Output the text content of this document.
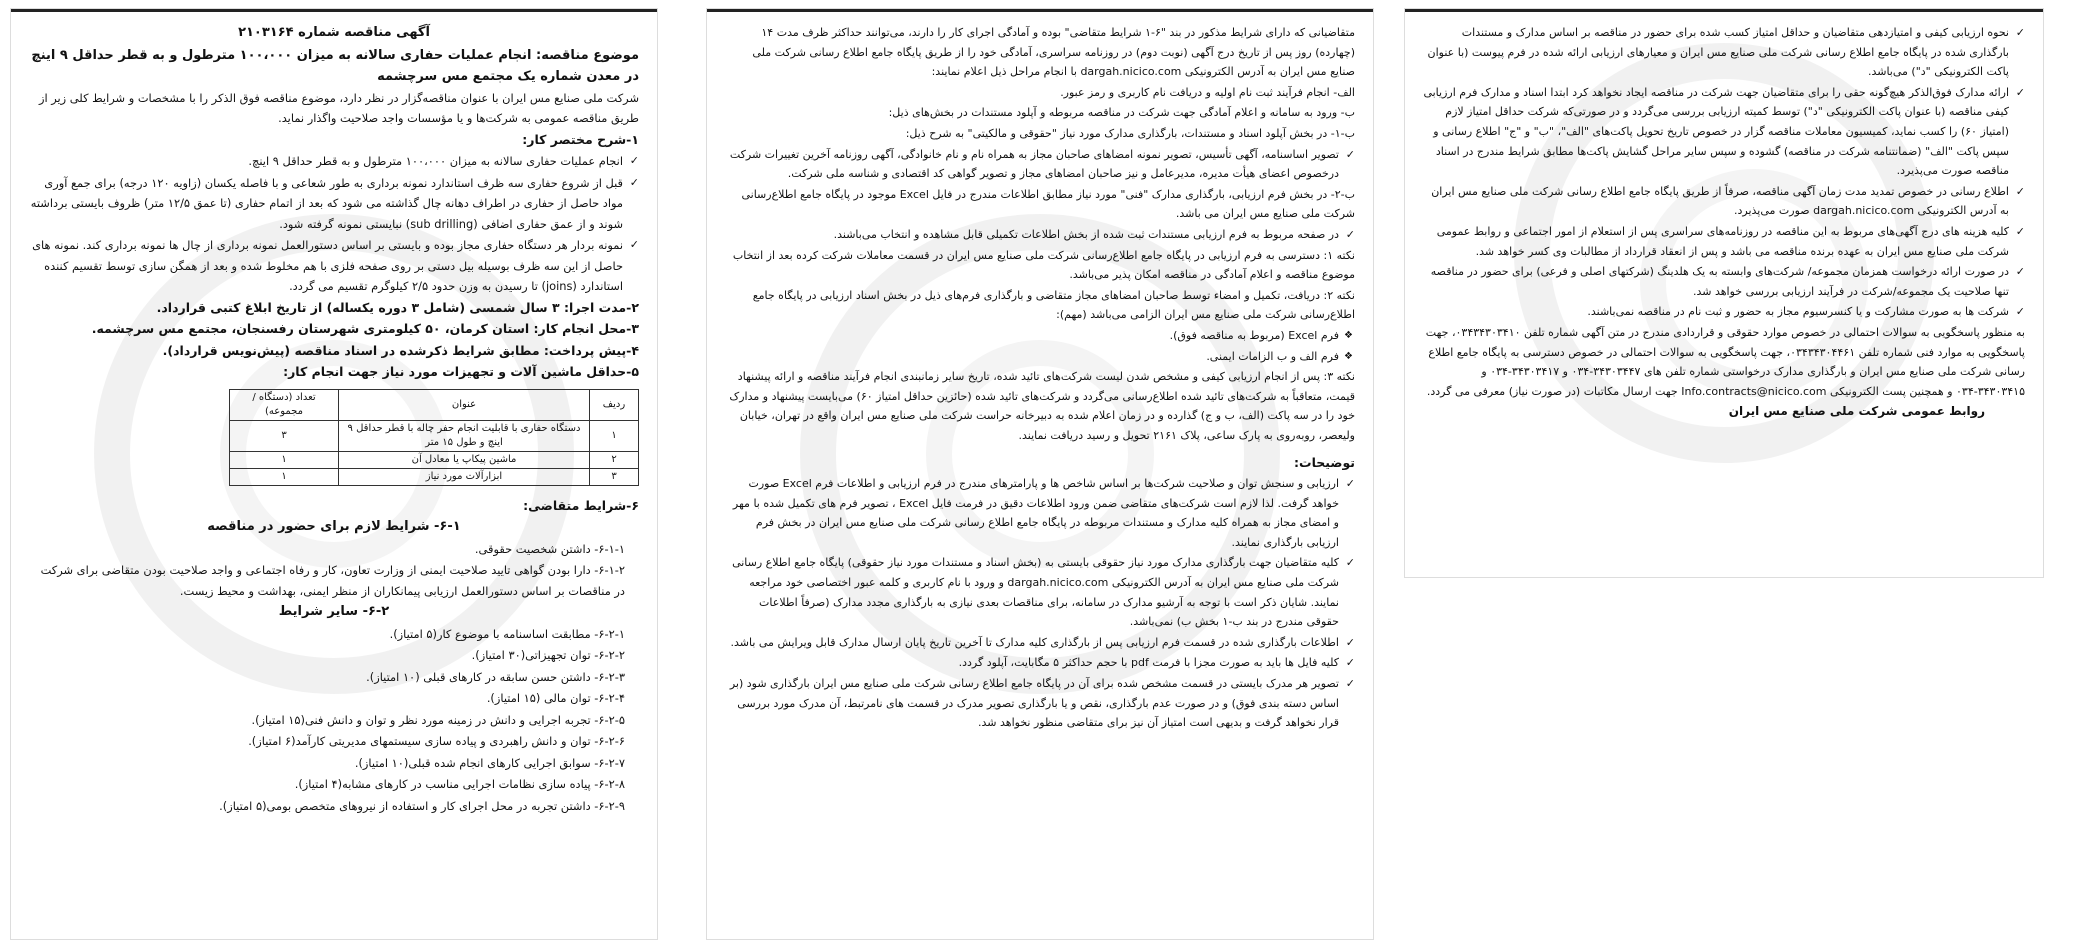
آگهی مناقصه شماره ۲۱۰۳۱۶۴

موضوع مناقصه: انجام عملیات حفاری سالانه به میزان ۱۰۰،۰۰۰ مترطول و به قطر حداقل ۹ اینچ در معدن شماره یک مجتمع مس سرچشمه

شرکت ملی صنایع مس ایران با عنوان مناقصه‌گزار در نظر دارد، موضوع مناقصه فوق الذکر را با مشخصات و شرایط کلی زیر از طریق مناقصه عمومی به شرکت‌ها و یا مؤسسات واجد صلاحیت واگذار نماید.

۱-شرح مختصر کار:

✓ انجام عملیات حفاری سالانه به میزان ۱۰۰،۰۰۰ مترطول و به قطر حداقل ۹ اینچ.

✓ قبل از شروع حفاری سه ظرف استاندارد نمونه برداری به طور شعاعی و با فاصله یکسان (زاویه ۱۲۰ درجه) برای جمع آوری مواد حاصل از حفاری در اطراف دهانه چال گذاشته می شود که بعد از اتمام حفاری (تا عمق ۱۲/۵ متر) ظروف بایستی برداشته شوند و از عمق حفاری اضافی (sub drilling) نبایستی نمونه گرفته شود.

✓ نمونه بردار هر دستگاه حفاری مجاز بوده و بایستی بر اساس دستورالعمل نمونه برداری از چال ها نمونه برداری کند. نمونه های حاصل از این سه ظرف بوسیله بیل دستی بر روی صفحه فلزی با هم مخلوط شده و بعد از همگن سازی توسط تقسیم کننده استاندارد (joins) تا رسیدن به وزن حدود ۲/۵ کیلوگرم تقسیم می گردد.

۲-مدت اجرا: ۳ سال شمسی (شامل ۳ دوره یکساله) از تاریخ ابلاغ کتبی قرارداد.

۳-محل انجام کار: استان کرمان، ۵۰ کیلومتری شهرستان رفسنجان، مجتمع مس سرچشمه.

۴-پیش پرداخت: مطابق شرایط ذکرشده در اسناد مناقصه (پیش‌نویس قرارداد).

۵-حداقل ماشین آلات و تجهیزات مورد نیاز جهت انجام کار:

ردیف	عنوان	تعداد (دستگاه / مجموعه)
۱	دستگاه حفاری با قابلیت انجام حفر چاله با قطر حداقل ۹ اینچ و طول ۱۵ متر	۳
۲	ماشین پیکاپ یا معادل آن	۱
۳	ابزارآلات مورد نیاز	۱

۶-شرایط متقاضی:

۶-۱- شرایط لازم برای حضور در مناقصه

۶-۱-۱- داشتن شخصیت حقوقی.

۶-۱-۲- دارا بودن گواهی تایید صلاحیت ایمنی از وزارت تعاون، کار و رفاه اجتماعی و واجد صلاحیت بودن متقاضی برای شرکت در مناقصات بر اساس دستورالعمل ارزیابی پیمانکاران از منظر ایمنی، بهداشت و محیط زیست.

۶-۲- سایر شرایط

۶-۲-۱- مطابقت اساسنامه با موضوع کار(۵ امتیاز).

۶-۲-۲- توان تجهیزاتی(۳۰ امتیاز).

۶-۲-۳- داشتن حسن سابقه در کارهای قبلی (۱۰ امتیاز).

۶-۲-۴- توان مالی (۱۵ امتیاز).

۶-۲-۵- تجربه اجرایی و دانش در زمینه مورد نظر و توان و دانش فنی(۱۵ امتیاز).

۶-۲-۶- توان و دانش راهبردی و پیاده سازی سیستمهای مدیریتی کارآمد(۶ امتیاز).

۶-۲-۷- سوابق اجرایی کارهای انجام شده قبلی(۱۰ امتیاز).

۶-۲-۸- پیاده سازی نظامات اجرایی مناسب در کارهای مشابه(۴ امتیاز).

۶-۲-۹- داشتن تجربه در محل اجرای کار و استفاده از نیروهای متخصص بومی(۵ امتیاز).

متقاضیانی که دارای شرایط مذکور در بند "۶-۱ شرایط متقاضی" بوده و آمادگی اجرای کار را دارند، می‌توانند حداکثر ظرف مدت ۱۴ (چهارده) روز پس از تاریخ درج آگهی (نوبت دوم) در روزنامه سراسری، آمادگی خود را از طریق پایگاه جامع اطلاع رسانی شرکت ملی صنایع مس ایران به آدرس الکترونیکی dargah.nicico.com با انجام مراحل ذیل اعلام نمایند:

الف- انجام فرآیند ثبت نام اولیه و دریافت نام کاربری و رمز عبور.

ب- ورود به سامانه و اعلام آمادگی جهت شرکت در مناقصه مربوطه و آپلود مستندات در بخش‌های ذیل:

ب-۱- در بخش آپلود اسناد و مستندات، بارگذاری مدارک مورد نیاز "حقوقی و مالکیتی" به شرح ذیل:

✓ تصویر اساسنامه، آگهی تأسیس، تصویر نمونه امضاهای صاحبان مجاز به همراه نام و نام خانوادگی، آگهی روزنامه آخرین تغییرات شرکت درخصوص اعضای هیأت مدیره، مدیرعامل و نیز صاحبان امضاهای مجاز و تصویر گواهی کد اقتصادی و شناسه ملی شرکت.

ب-۲- در بخش فرم ارزیابی، بارگذاری مدارک "فنی" مورد نیاز مطابق اطلاعات مندرج در فایل Excel موجود در پایگاه جامع اطلاع‌رسانی شرکت ملی صنایع مس ایران می باشد.

✓ در صفحه مربوط به فرم ارزیابی مستندات ثبت شده از بخش اطلاعات تکمیلی قابل مشاهده و انتخاب می‌باشند.

نکته ۱: دسترسی به فرم ارزیابی در پایگاه جامع اطلاع‌رسانی شرکت ملی صنایع مس ایران در قسمت معاملات شرکت کرده بعد از انتخاب موضوع مناقصه و اعلام آمادگی در مناقصه امکان پذیر می‌باشد.

نکته ۲: دریافت، تکمیل و امضاء توسط صاحبان امضاهای مجاز متقاضی و بارگذاری فرم‌های ذیل در بخش اسناد ارزیابی در پایگاه جامع اطلاع‌رسانی شرکت ملی صنایع مس ایران الزامی می‌باشد (مهم):

❖ فرم Excel (مربوط به مناقصه فوق).

❖ فرم الف و ب الزامات ایمنی.

نکته ۳: پس از انجام ارزیابی کیفی و مشخص شدن لیست شرکت‌های تائید شده، تاریخ سایر زمانبندی انجام فرآیند مناقصه و ارائه پیشنهاد قیمت، متعاقباً به شرکت‌های تائید شده اطلاع‌رسانی می‌گردد و شرکت‌های تائید شده (حائزین حداقل امتیاز ۶۰) می‌بایست پیشنهاد و مدارک خود را در سه پاکت (الف، ب و ج) گذارده و در زمان اعلام شده به دبیرخانه حراست شرکت ملی صنایع مس ایران واقع در تهران، خیابان ولیعصر، روبه‌روی به پارک ساعی، پلاک ۲۱۶۱ تحویل و رسید دریافت نمایند.

توضیحات:

✓ ارزیابی و سنجش توان و صلاحیت شرکت‌ها بر اساس شاخص ها و پارامترهای مندرج در فرم ارزیابی و اطلاعات فرم Excel صورت خواهد گرفت. لذا لازم است شرکت‌های متقاضی ضمن ورود اطلاعات دقیق در فرمت فایل Excel ، تصویر فرم های تکمیل شده با مهر و امضای مجاز به همراه کلیه مدارک و مستندات مربوطه در پایگاه جامع اطلاع رسانی شرکت ملی صنایع مس ایران در بخش فرم ارزیابی بارگذاری نمایند.

✓ کلیه متقاضیان جهت بارگذاری مدارک مورد نیاز حقوقی بایستی به (بخش اسناد و مستندات مورد نیاز حقوقی) پایگاه جامع اطلاع رسانی شرکت ملی صنایع مس ایران به آدرس الکترونیکی dargah.nicico.com و ورود با نام کاربری و کلمه عبور اختصاصی خود مراجعه نمایند. شایان ذکر است با توجه به آرشیو مدارک در سامانه، برای مناقصات بعدی نیازی به بارگذاری مجدد مدارک (صرفاً اطلاعات حقوقی مندرج در بند ب-۱ بخش ب) نمی‌باشد.

✓ اطلاعات بارگذاری شده در قسمت فرم ارزیابی پس از بارگذاری کلیه مدارک تا آخرین تاریخ پایان ارسال مدارک قابل ویرایش می باشد.

✓ کلیه فایل ها باید به صورت مجزا با فرمت pdf با حجم حداکثر ۵ مگابایت، آپلود گردد.

✓ تصویر هر مدرک بایستی در قسمت مشخص شده برای آن در پایگاه جامع اطلاع رسانی شرکت ملی صنایع مس ایران بارگذاری شود (بر اساس دسته بندی فوق) و در صورت عدم بارگذاری، نقص و یا بارگذاری تصویر مدرک در قسمت های نامرتبط، آن مدرک مورد بررسی قرار نخواهد گرفت و بدیهی است امتیاز آن نیز برای متقاضی منظور نخواهد شد.

✓ نحوه ارزیابی کیفی و امتیازدهی متقاضیان و حداقل امتیاز کسب شده برای حضور در مناقصه بر اساس مدارک و مستندات بارگذاری شده در پایگاه جامع اطلاع رسانی شرکت ملی صنایع مس ایران و معیارهای ارزیابی ارائه شده در فرم پیوست (با عنوان پاکت الکترونیکی "د") می‌باشد.

✓ ارائه مدارک فوق‌الذکر هیچ‌گونه حقی را برای متقاضیان جهت شرکت در مناقصه ایجاد نخواهد کرد ابتدا اسناد و مدارک فرم ارزیابی کیفی مناقصه (با عنوان پاکت الکترونیکی "د") توسط کمیته ارزیابی بررسی می‌گردد و در صورتی‌که شرکت حداقل امتیاز لازم (امتیاز ۶۰) را کسب نماید، کمیسیون معاملات مناقصه گزار در خصوص تاریخ تحویل پاکت‌های "الف"، "ب" و "ج" اطلاع رسانی و سپس پاکت "الف" (ضمانتنامه شرکت در مناقصه) گشوده و سپس سایر مراحل گشایش پاکت‌ها مطابق شرایط مندرج در اسناد مناقصه صورت می‌پذیرد.

✓ اطلاع رسانی در خصوص تمدید مدت زمان آگهی مناقصه، صرفاً از طریق پایگاه جامع اطلاع رسانی شرکت ملی صنایع مس ایران به آدرس الکترونیکی dargah.nicico.com صورت می‌پذیرد.

✓ کلیه هزینه های درج آگهی‌های مربوط به این مناقصه در روزنامه‌های سراسری پس از استعلام از امور اجتماعی و روابط عمومی شرکت ملی صنایع مس ایران به عهده برنده مناقصه می باشد و پس از انعقاد قرارداد از مطالبات وی کسر خواهد شد.

✓ در صورت ارائه درخواست همزمان مجموعه/ شرکت‌های وابسته به یک هلدینگ (شرکتهای اصلی و فرعی) برای حضور در مناقصه تنها صلاحیت یک مجموعه/شرکت در فرآیند ارزیابی بررسی خواهد شد.

✓ شرکت ها به صورت مشارکت و یا کنسرسیوم مجاز به حضور و ثبت نام در مناقصه نمی‌باشند.

به منظور پاسخگویی به سوالات احتمالی در خصوص موارد حقوقی و قراردادی مندرج در متن آگهی شماره تلفن ۰۳۴۳۴۳۰۳۴۱۰، جهت پاسخگویی به موارد فنی شماره تلفن ۰۳۴۳۴۳۰۴۴۶۱، جهت پاسخگویی به سوالات احتمالی در خصوص دسترسی به پایگاه جامع اطلاع رسانی شرکت ملی صنایع مس ایران و بارگذاری مدارک درخواستی شماره تلفن های ۳۴۳۰۳۴۴۷-۰۳۴ و ۳۴۳۰۳۴۱۷-۰۳۴ و ۳۴۳۰۳۴۱۵-۰۳۴ و همچنین پست الکترونیکی Info.contracts@nicico.com جهت ارسال مکاتبات (در صورت نیاز) معرفی می گردد.

روابط عمومی شرکت ملی صنایع مس ایران
